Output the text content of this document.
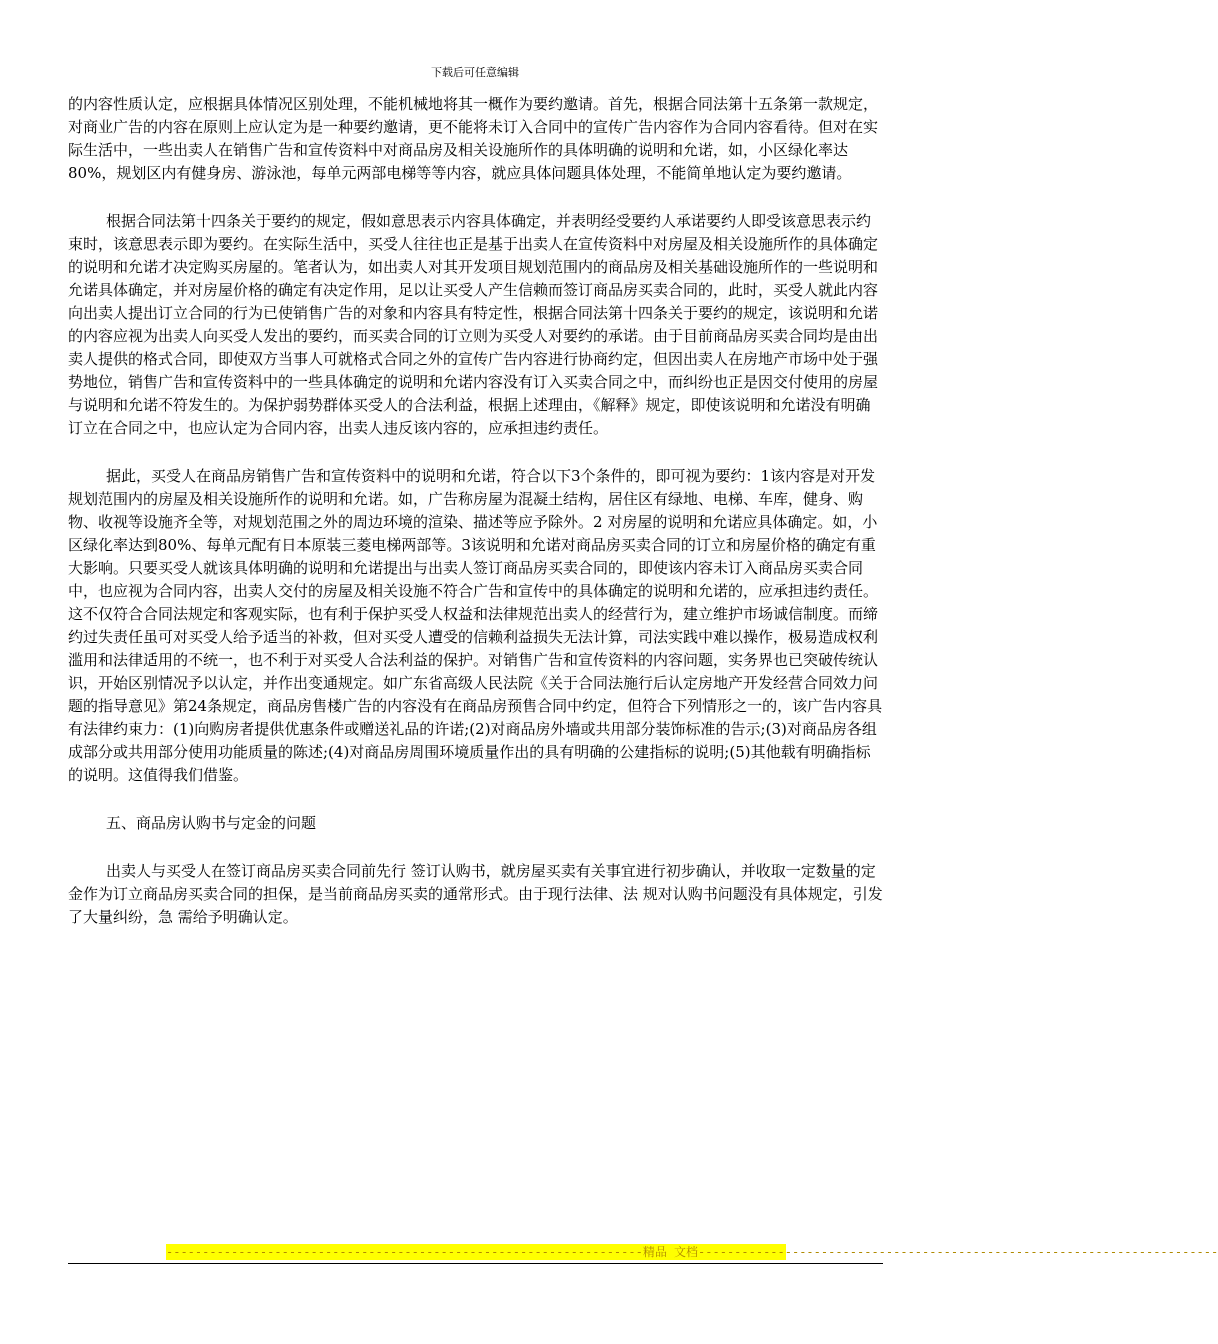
下载后可任意编辑

的内容性质认定，应根据具体情况区别处理，不能机械地将其一概作为要约邀请。首先，根据合同法第十五条第一款规定，对商业广告的内容在原则上应认定为是一种要约邀请，更不能将未订入合同中的宣传广告内容作为合同内容看待。但对在实际生活中，一些出卖人在销售广告和宣传资料中对商品房及相关设施所作的具体明确的说明和允诺，如，小区绿化率达80%，规划区内有健身房、游泳池，每单元两部电梯等等内容，就应具体问题具体处理，不能简单地认定为要约邀请。

根据合同法第十四条关于要约的规定，假如意思表示内容具体确定，并表明经受要约人承诺要约人即受该意思表示约束时，该意思表示即为要约。在实际生活中，买受人往往也正是基于出卖人在宣传资料中对房屋及相关设施所作的具体确定的说明和允诺才决定购买房屋的。笔者认为，如出卖人对其开发项目规划范围内的商品房及相关基础设施所作的一些说明和允诺具体确定，并对房屋价格的确定有决定作用，足以让买受人产生信赖而签订商品房买卖合同的，此时，买受人就此内容向出卖人提出订立合同的行为已使销售广告的对象和内容具有特定性，根据合同法第十四条关于要约的规定，该说明和允诺的内容应视为出卖人向买受人发出的要约，而买卖合同的订立则为买受人对要约的承诺。由于目前商品房买卖合同均是由出卖人提供的格式合同，即使双方当事人可就格式合同之外的宣传广告内容进行协商约定，但因出卖人在房地产市场中处于强势地位，销售广告和宣传资料中的一些具体确定的说明和允诺内容没有订入买卖合同之中，而纠纷也正是因交付使用的房屋与说明和允诺不符发生的。为保护弱势群体买受人的合法利益，根据上述理由，《解释》规定，即使该说明和允诺没有明确订立在合同之中，也应认定为合同内容，出卖人违反该内容的，应承担违约责任。

据此，买受人在商品房销售广告和宣传资料中的说明和允诺，符合以下3个条件的，即可视为要约：1该内容是对开发规划范围内的房屋及相关设施所作的说明和允诺。如，广告称房屋为混凝土结构，居住区有绿地、电梯、车库，健身、购物、收视等设施齐全等，对规划范围之外的周边环境的渲染、描述等应予除外。2 对房屋的说明和允诺应具体确定。如，小区绿化率达到80%、每单元配有日本原装三菱电梯两部等。3该说明和允诺对商品房买卖合同的订立和房屋价格的确定有重大影响。只要买受人就该具体明确的说明和允诺提出与出卖人签订商品房买卖合同的，即使该内容未订入商品房买卖合同中，也应视为合同内容，出卖人交付的房屋及相关设施不符合广告和宣传中的具体确定的说明和允诺的，应承担违约责任。这不仅符合合同法规定和客观实际，也有利于保护买受人权益和法律规范出卖人的经营行为，建立维护市场诚信制度。而缔约过失责任虽可对买受人给予适当的补救，但对买受人遭受的信赖利益损失无法计算，司法实践中难以操作，极易造成权利滥用和法律适用的不统一，也不利于对买受人合法利益的保护。对销售广告和宣传资料的内容问题，实务界也已突破传统认识，开始区别情况予以认定，并作出变通规定。如广东省高级人民法院《关于合同法施行后认定房地产开发经营合同效力问题的指导意见》第24条规定，商品房售楼广告的内容没有在商品房预售合同中约定，但符合下列情形之一的，该广告内容具有法律约束力：(1)向购房者提供优惠条件或赠送礼品的许诺;(2)对商品房外墙或共用部分装饰标准的告示;(3)对商品房各组成部分或共用部分使用功能质量的陈述;(4)对商品房周围环境质量作出的具有明确的公建指标的说明;(5)其他载有明确指标的说明。这值得我们借鉴。

五、商品房认购书与定金的问题

出卖人与买受人在签订商品房买卖合同前先行 签订认购书，就房屋买卖有关事宜进行初步确认，并收取一定数量的定金作为订立商品房买卖合同的担保，是当前商品房买卖的通常形式。由于现行法律、法 规对认购书问题没有具体规定，引发了大量纠纷，急 需给予明确认定。

------------------------------------------------------------------精品 文档------------------------------------------------------------------------
